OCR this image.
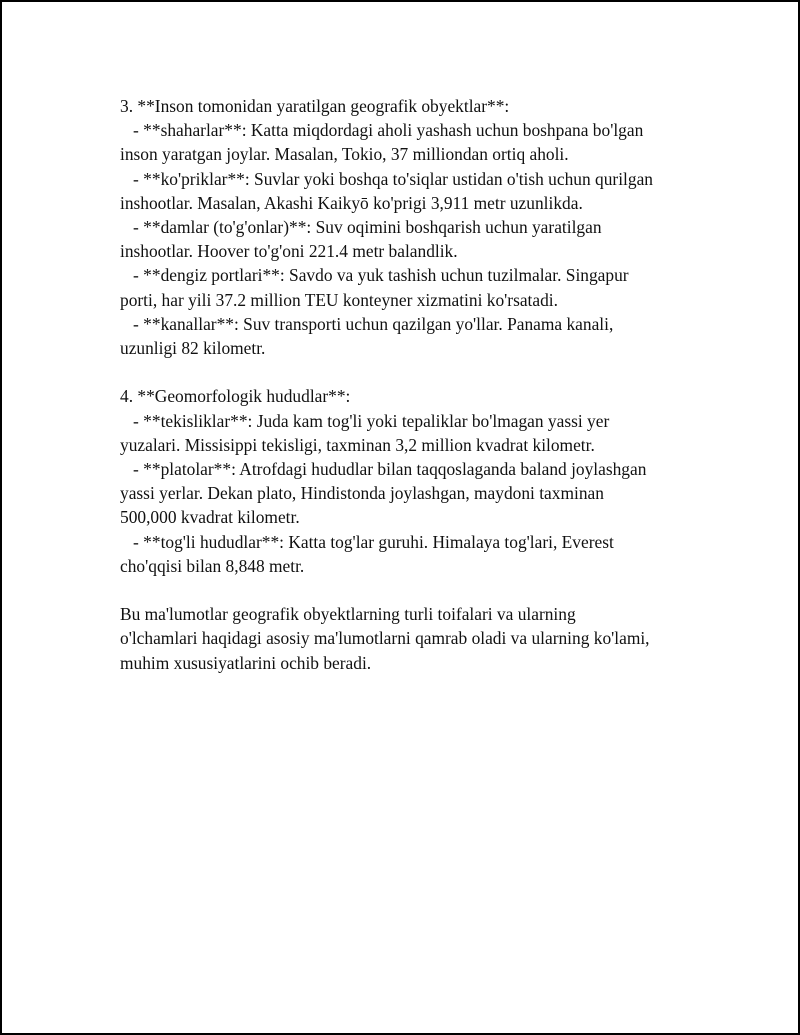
3. **Inson tomonidan yaratilgan geografik obyektlar**:

- **shaharlar**: Katta miqdordagi aholi yashash uchun boshpana bo'lgan

inson yaratgan joylar. Masalan, Tokio, 37 milliondan ortiq aholi.

- **ko'priklar**: Suvlar yoki boshqa to'siqlar ustidan o'tish uchun qurilgan

inshootlar. Masalan, Akashi Kaikyō ko'prigi 3,911 metr uzunlikda.

- **damlar (to'g'onlar)**: Suv oqimini boshqarish uchun yaratilgan

inshootlar. Hoover to'g'oni 221.4 metr balandlik.

- **dengiz portlari**: Savdo va yuk tashish uchun tuzilmalar. Singapur

porti, har yili 37.2 million TEU konteyner xizmatini ko'rsatadi.

- **kanallar**: Suv transporti uchun qazilgan yo'llar. Panama kanali,

uzunligi 82 kilometr.

4. **Geomorfologik hududlar**:

- **tekisliklar**: Juda kam tog'li yoki tepaliklar bo'lmagan yassi yer

yuzalari. Missisippi tekisligi, taxminan 3,2 million kvadrat kilometr.

- **platolar**: Atrofdagi hududlar bilan taqqoslaganda baland joylashgan

yassi yerlar. Dekan plato, Hindistonda joylashgan, maydoni taxminan

500,000 kvadrat kilometr.

- **tog'li hududlar**: Katta tog'lar guruhi. Himalaya tog'lari, Everest

cho'qqisi bilan 8,848 metr.

Bu ma'lumotlar geografik obyektlarning turli toifalari va ularning

o'lchamlari haqidagi asosiy ma'lumotlarni qamrab oladi va ularning ko'lami,

muhim xususiyatlarini ochib beradi.
